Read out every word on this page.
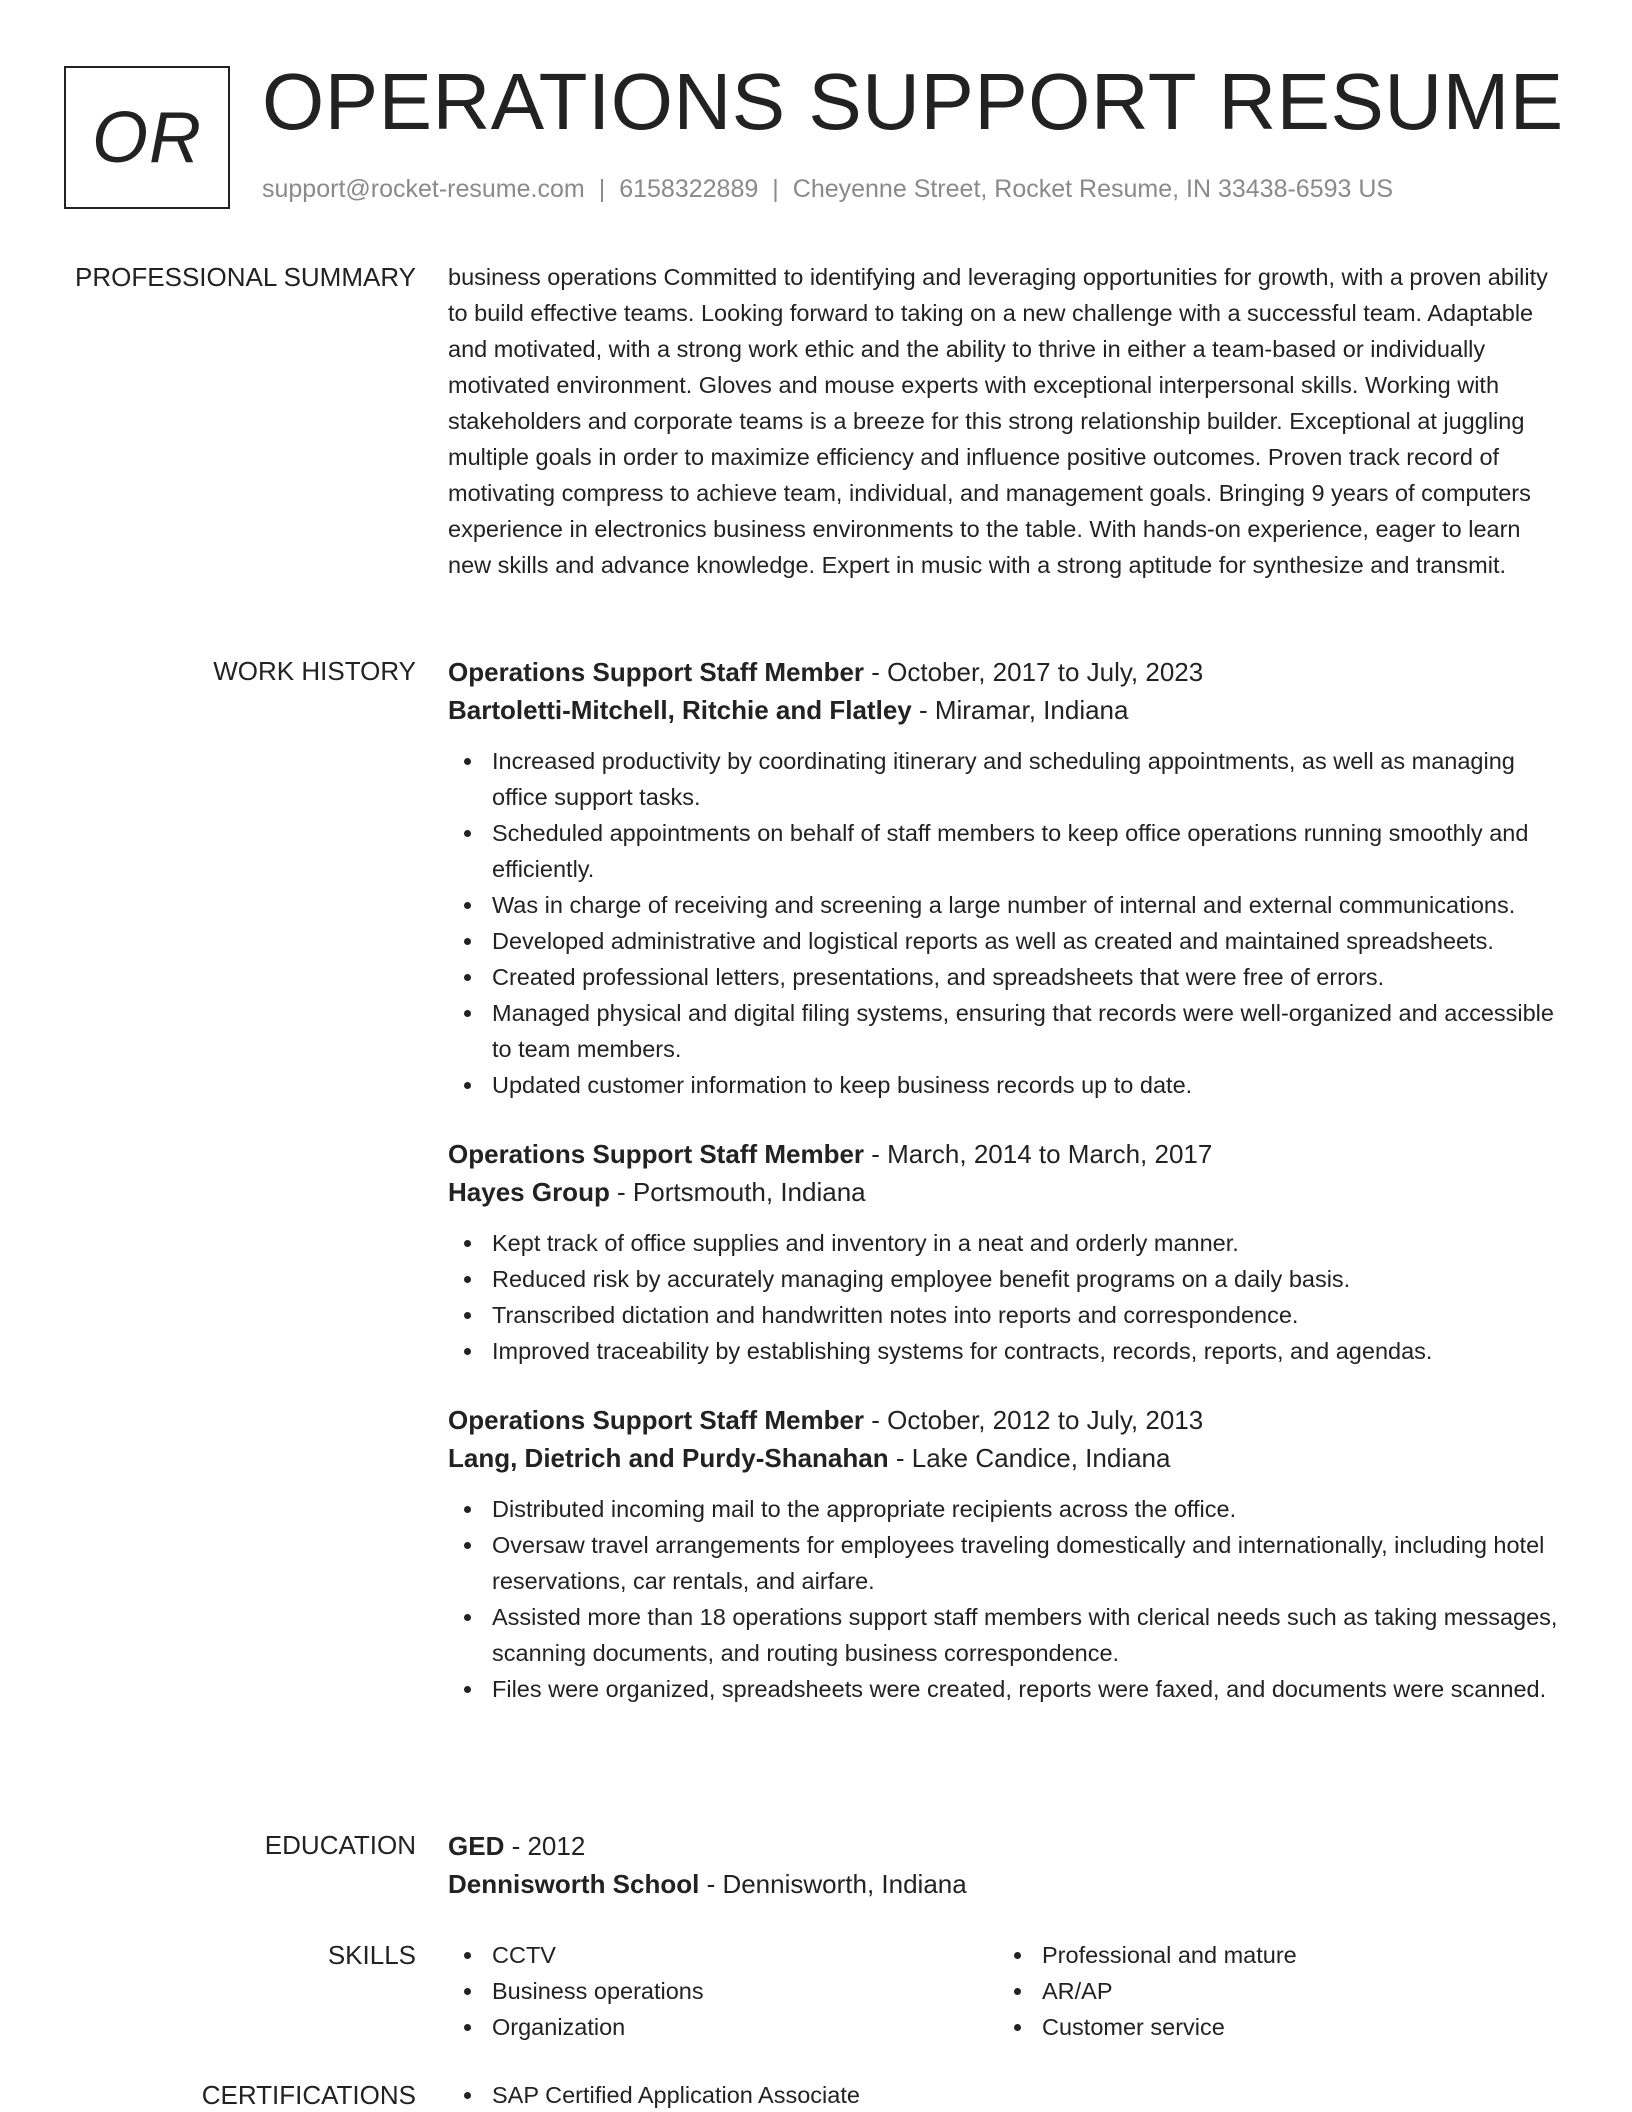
OR OPERATIONS SUPPORT RESUME
support@rocket-resume.com | 6158322889 | Cheyenne Street, Rocket Resume, IN 33438-6593 US
PROFESSIONAL SUMMARY business operations Committed to identifying and leveraging opportunities for growth, with a proven ability to build effective teams. Looking forward to taking on a new challenge with a successful team. Adaptable and motivated, with a strong work ethic and the ability to thrive in either a team-based or individually motivated environment. Gloves and mouse experts with exceptional interpersonal skills. Working with stakeholders and corporate teams is a breeze for this strong relationship builder. Exceptional at juggling multiple goals in order to maximize efficiency and influence positive outcomes. Proven track record of motivating compress to achieve team, individual, and management goals. Bringing 9 years of computers experience in electronics business environments to the table. With hands-on experience, eager to learn new skills and advance knowledge. Expert in music with a strong aptitude for synthesize and transmit.
WORK HISTORY Operations Support Staff Member - October, 2017 to July, 2023
Bartoletti-Mitchell, Ritchie and Flatley - Miramar, Indiana
Increased productivity by coordinating itinerary and scheduling appointments, as well as managing office support tasks.
Scheduled appointments on behalf of staff members to keep office operations running smoothly and efficiently.
Was in charge of receiving and screening a large number of internal and external communications.
Developed administrative and logistical reports as well as created and maintained spreadsheets.
Created professional letters, presentations, and spreadsheets that were free of errors.
Managed physical and digital filing systems, ensuring that records were well-organized and accessible to team members.
Updated customer information to keep business records up to date.
Operations Support Staff Member - March, 2014 to March, 2017
Hayes Group - Portsmouth, Indiana
Kept track of office supplies and inventory in a neat and orderly manner.
Reduced risk by accurately managing employee benefit programs on a daily basis.
Transcribed dictation and handwritten notes into reports and correspondence.
Improved traceability by establishing systems for contracts, records, reports, and agendas.
Operations Support Staff Member - October, 2012 to July, 2013
Lang, Dietrich and Purdy-Shanahan - Lake Candice, Indiana
Distributed incoming mail to the appropriate recipients across the office.
Oversaw travel arrangements for employees traveling domestically and internationally, including hotel reservations, car rentals, and airfare.
Assisted more than 18 operations support staff members with clerical needs such as taking messages, scanning documents, and routing business correspondence.
Files were organized, spreadsheets were created, reports were faxed, and documents were scanned.
EDUCATION GED - 2012
Dennisworth School - Dennisworth, Indiana
SKILLS	CCTV
Business operations
Organization
Professional and mature
AR/AP
Customer service
CERTIFICATIONS	SAP Certified Application Associate
